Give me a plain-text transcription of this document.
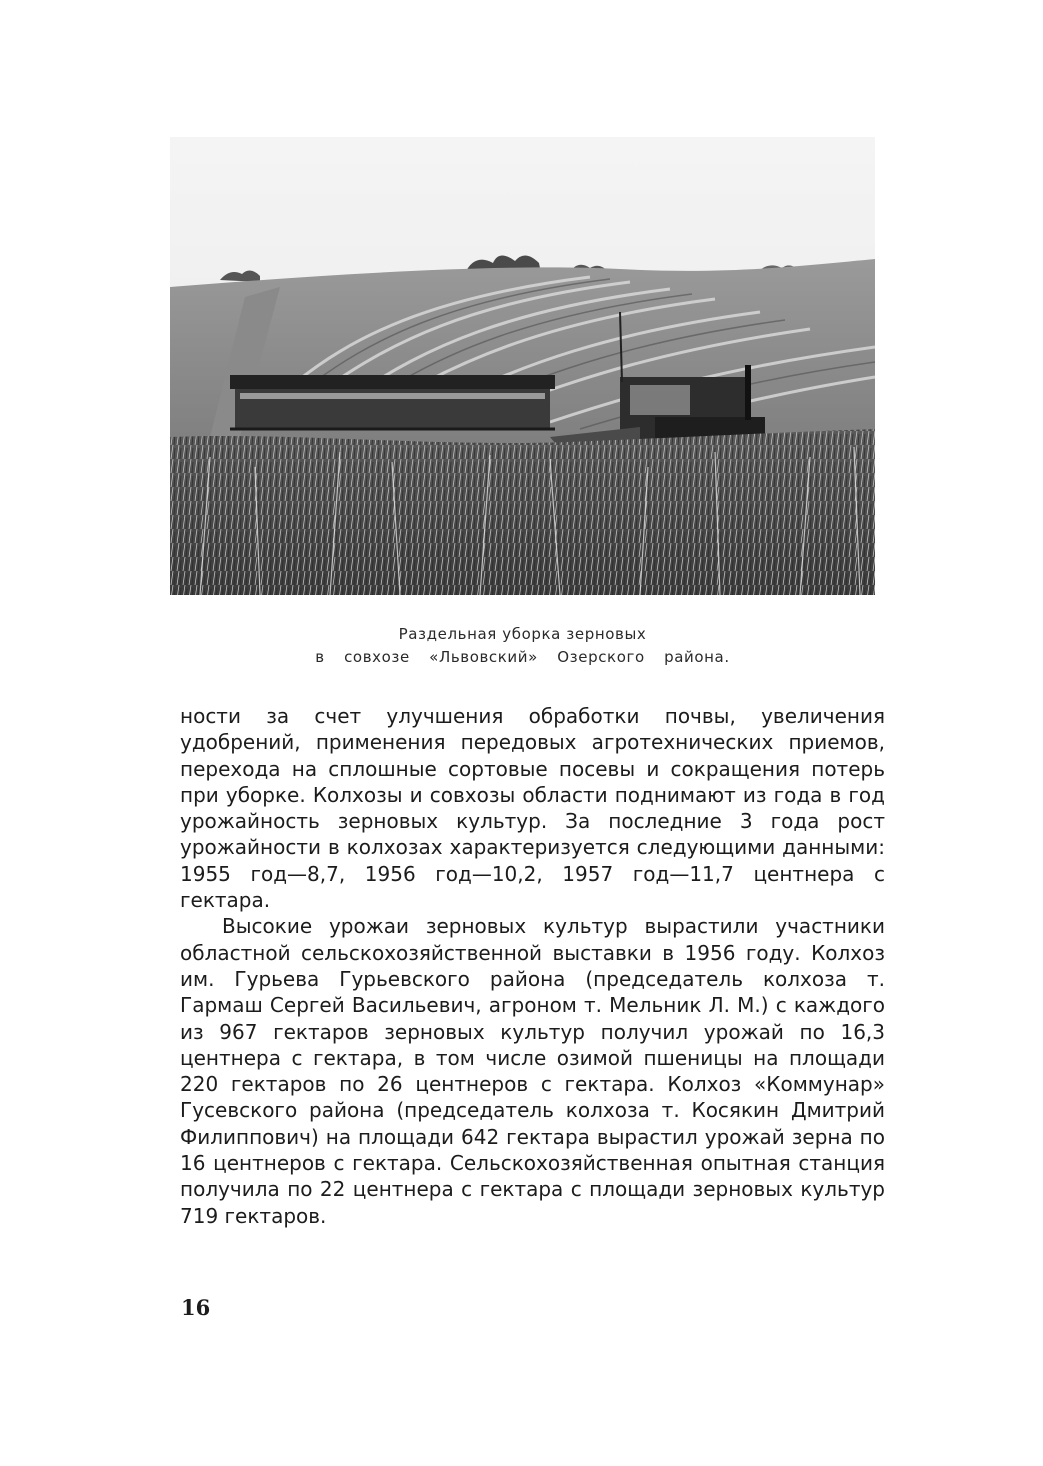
Раздельная уборка зерновых
в совхозе «Львовский» Озерского района.

ности за счет улучшения обработки почвы, увеличения удобрений, применения передовых агротехнических приемов, перехода на сплошные сортовые посевы и сокращения потерь при уборке. Колхозы и совхозы области поднимают из года в год урожайность зерновых культур. За последние 3 года рост урожайности в колхозах характеризуется следующими данными: 1955 год—8,7, 1956 год—10,2, 1957 год—11,7 центнера с гектара.

Высокие урожаи зерновых культур вырастили участники областной сельскохозяйственной выставки в 1956 году. Колхоз им. Гурьева Гурьевского района (председатель колхоза т. Гармаш Сергей Васильевич, агроном т. Мельник Л. М.) с каждого из 967 гектаров зерновых культур получил урожай по 16,3 центнера с гектара, в том числе озимой пшеницы на площади 220 гектаров по 26 центнеров с гектара. Колхоз «Коммунар» Гусевского района (председатель колхоза т. Косякин Дмитрий Филиппович) на площади 642 гектара вырастил урожай зерна по 16 центнеров с гектара. Сельскохозяйственная опытная станция получила по 22 центнера с гектара с площади зерновых культур 719 гектаров.

16
